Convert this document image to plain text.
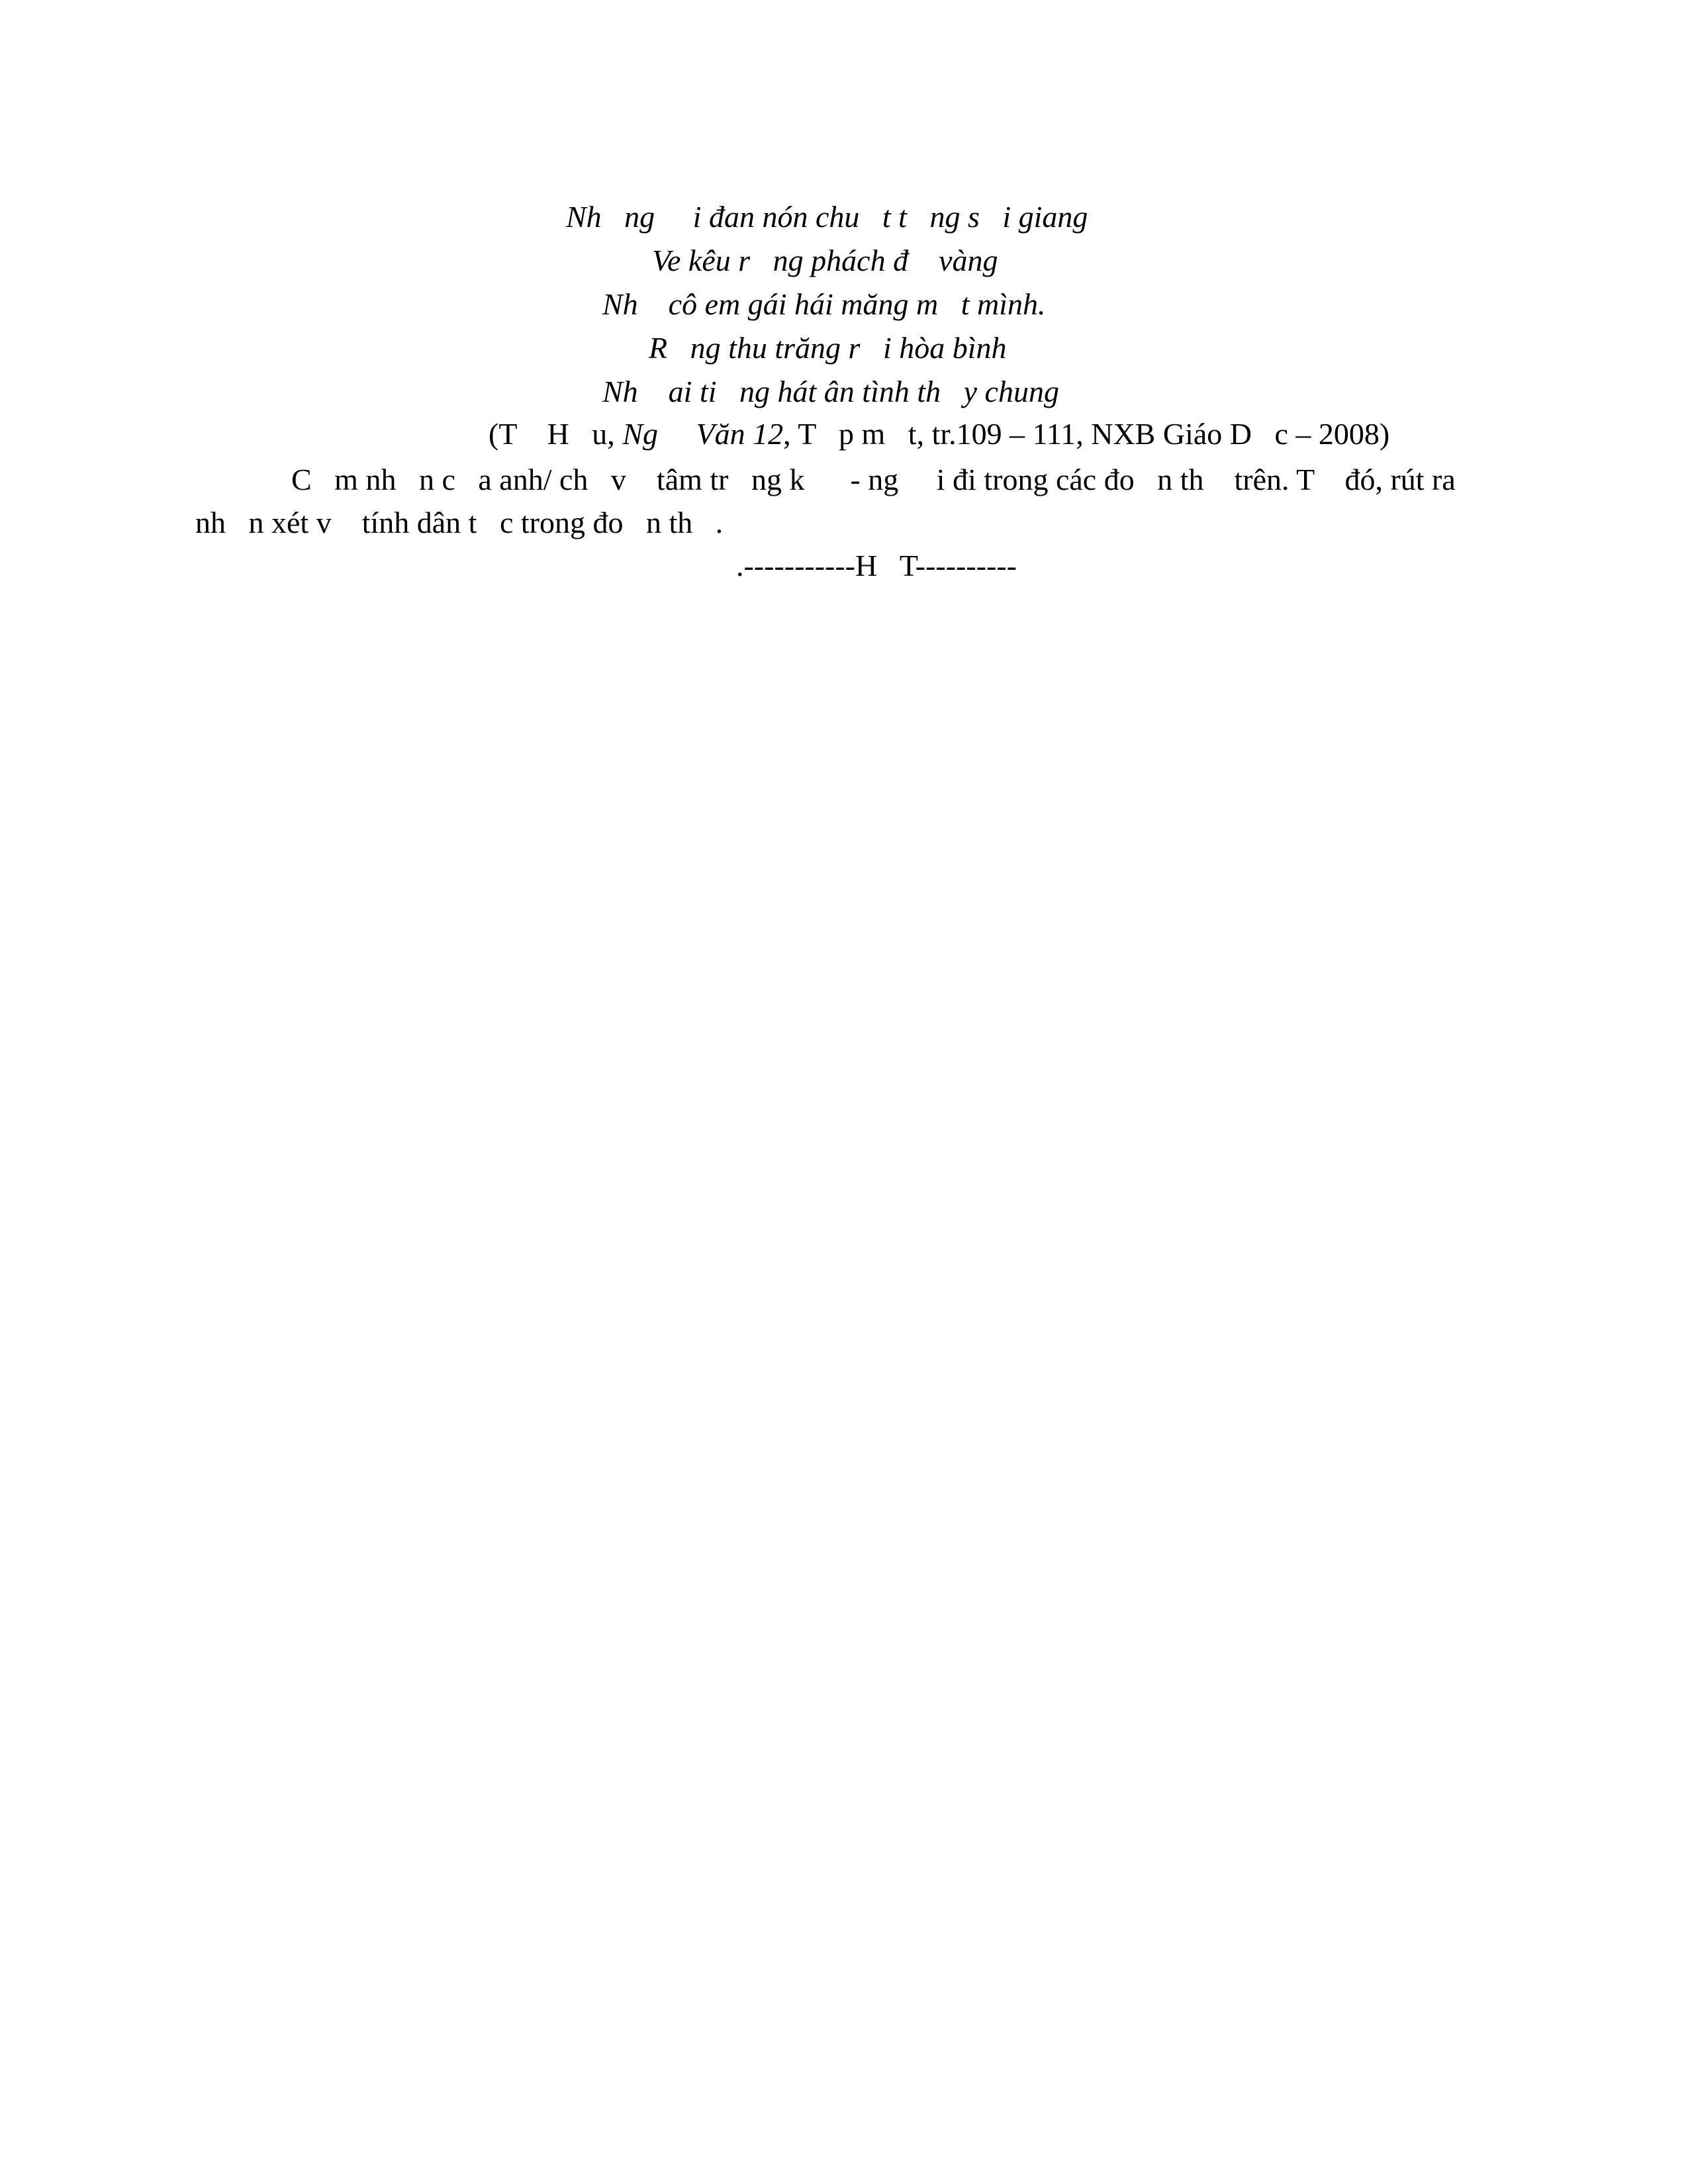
Nh   ng     i đan nón chu   t t   ng s   i giang
Ve kêu r   ng phách đ    vàng
Nh    cô em gái hái măng m   t mình.
R   ng thu trăng r   i hòa bình
Nh    ai ti   ng hát ân tình th   y chung
(T    H   u, Ng     Văn 12, T   p m   t, tr.109 – 111, NXB Giáo D   c – 2008)
C   m nh   n c   a anh/ ch   v    tâm tr   ng k      - ng     i đi trong các đo   n th    trên. T    đó, rút ra
nh   n xét v    tính dân t   c trong đo   n th   .
.-----------H   T----------
